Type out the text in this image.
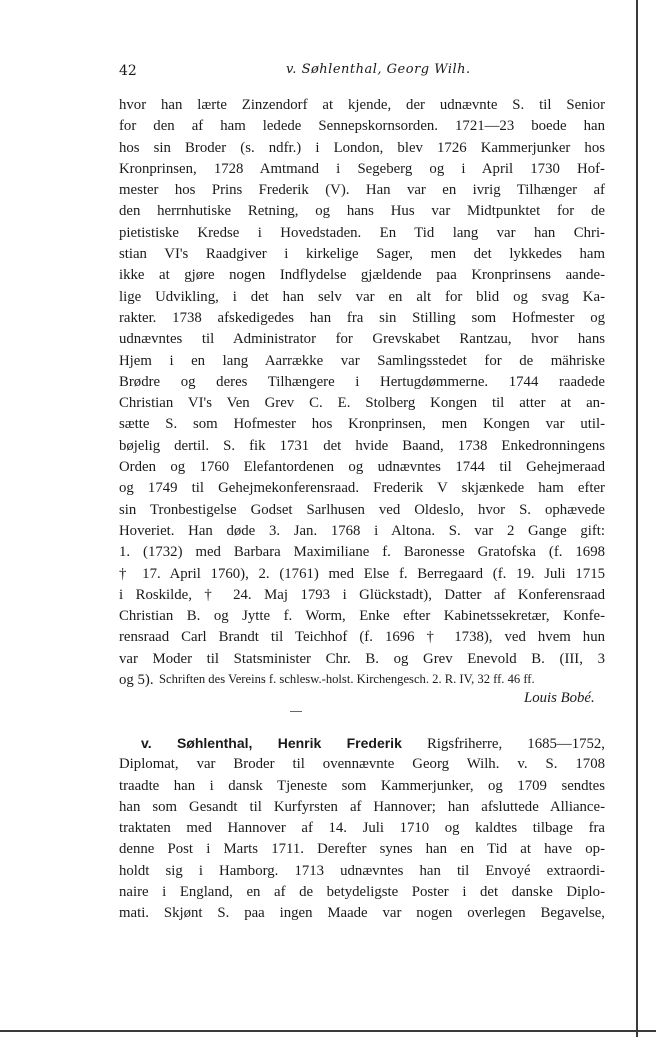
42	v. Søhlenthal, Georg Wilh.
hvor han lærte Zinzendorf at kjende, der udnævnte S. til Senior
for den af ham ledede Sennepskornsorden. 1721—23 boede han
hos sin Broder (s. ndfr.) i London, blev 1726 Kammerjunker hos
Kronprinsen, 1728 Amtmand i Segeberg og i April 1730 Hof-
mester hos Prins Frederik (V). Han var en ivrig Tilhænger af
den herrnhutiske Retning, og hans Hus var Midtpunktet for de
pietistiske Kredse i Hovedstaden. En Tid lang var han Chri-
stian VI's Raadgiver i kirkelige Sager, men det lykkedes ham
ikke at gjøre nogen Indflydelse gjældende paa Kronprinsens aande-
lige Udvikling, i det han selv var en alt for blid og svag Ka-
rakter. 1738 afskedigedes han fra sin Stilling som Hofmester og
udnævntes til Administrator for Grevskabet Rantzau, hvor hans
Hjem i en lang Aarrække var Samlingsstedet for de mähriske
Brødre og deres Tilhængere i Hertugdømmerne. 1744 raadede
Christian VI's Ven Grev C. E. Stolberg Kongen til atter at an-
sætte S. som Hofmester hos Kronprinsen, men Kongen var util-
bøjelig dertil. S. fik 1731 det hvide Baand, 1738 Enkedronningens
Orden og 1760 Elefantordenen og udnævntes 1744 til Gehejmeraad
og 1749 til Gehejmekonferensraad. Frederik V skjænkede ham efter
sin Tronbestigelse Godset Sarlhusen ved Oldeslo, hvor S. ophævede
Hoveriet. Han døde 3. Jan. 1768 i Altona. S. var 2 Gange gift:
1. (1732) med Barbara Maximiliane f. Baronesse Gratofska (f. 1698
† 17. April 1760), 2. (1761) med Else f. Berregaard (f. 19. Juli 1715
i Roskilde, † 24. Maj 1793 i Glückstadt), Datter af Konferensraad
Christian B. og Jytte f. Worm, Enke efter Kabinetssekretær, Konfe-
rensraad Carl Brandt til Teichhof (f. 1696 † 1738), ved hvem hun
var Moder til Statsminister Chr. B. og Grev Enevold B. (III, 3
og 5). Schriften des Vereins f. schlesw.-holst. Kirchengesch. 2. R. IV, 32 ff. 46 ff.
Louis Bobé.
v. Søhlenthal, Henrik Frederik Rigsfriherre, 1685—1752,
Diplomat, var Broder til ovennævnte Georg Wilh. v. S. 1708
traadte han i dansk Tjeneste som Kammerjunker, og 1709 sendtes
han som Gesandt til Kurfyrsten af Hannover; han afsluttede Alliance-
traktaten med Hannover af 14. Juli 1710 og kaldtes tilbage fra
denne Post i Marts 1711. Derefter synes han en Tid at have op-
holdt sig i Hamborg. 1713 udnævntes han til Envoyé extraordi-
naire i England, en af de betydeligste Poster i det danske Diplo-
mati. Skjønt S. paa ingen Maade var nogen overlegen Begavelse,
